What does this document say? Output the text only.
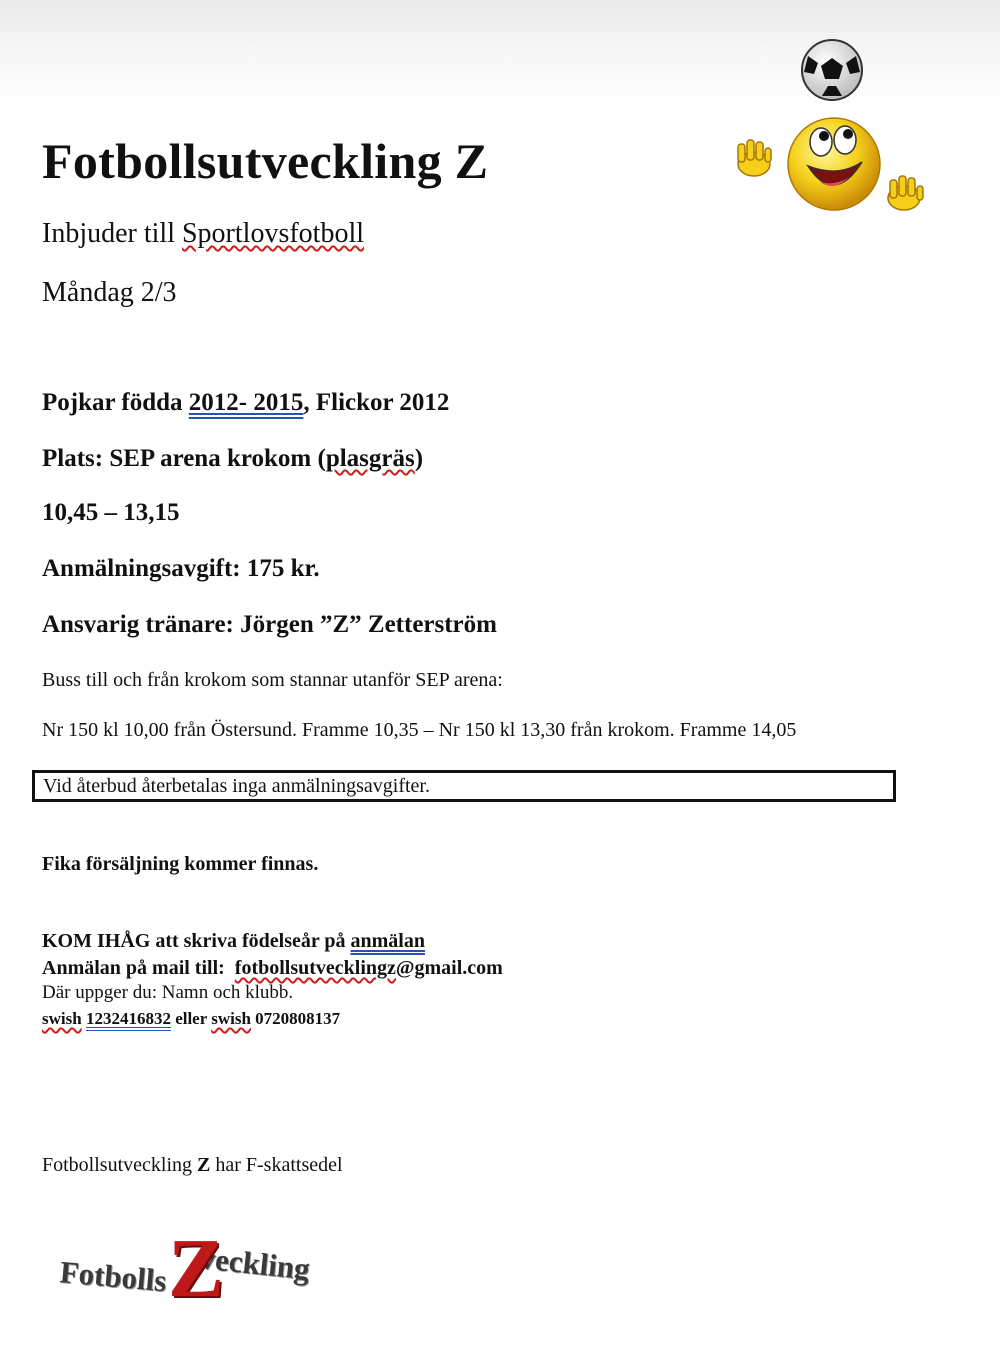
Fotbollsutveckling Z
Inbjuder till Sportlovsfotboll
Måndag 2/3
Pojkar födda 2012- 2015, Flickor 2012
Plats: SEP arena krokom (plasgräs)
10,45 – 13,15
Anmälningsavgift: 175 kr.
Ansvarig tränare: Jörgen ”Z” Zetterström
Buss till och från krokom som stannar utanför SEP arena:
Nr 150 kl 10,00 från Östersund. Framme 10,35 – Nr 150 kl 13,30 från krokom. Framme 14,05
Vid återbud återbetalas inga anmälningsavgifter.
Fika försäljning kommer finnas.
KOM IHÅG att skriva födelseår på anmälan
Anmälan på mail till:  fotbollsutvecklingz@gmail.com
Där uppger du: Namn och klubb.
swish 1232416832 eller swish 0720808137
Fotbollsutveckling Z har F-skattsedel
Fotbolls veckling
Z
